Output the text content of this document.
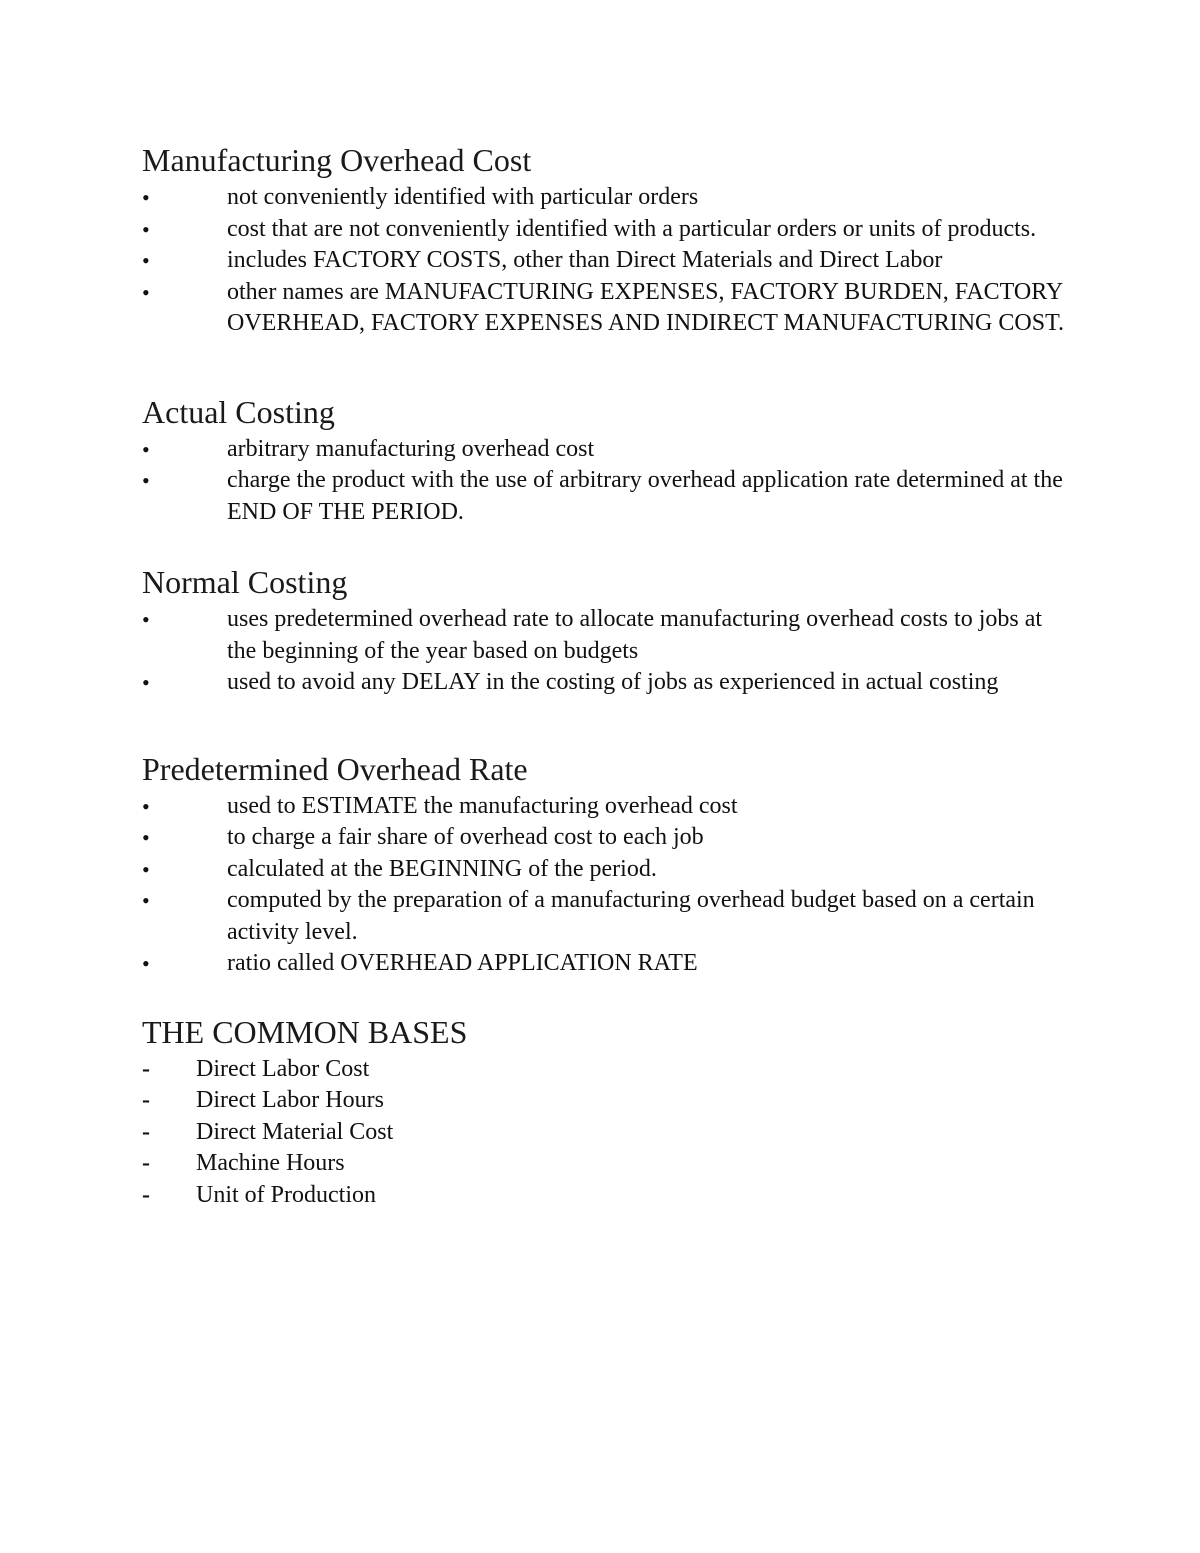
Manufacturing Overhead Cost
•	not conveniently identified with particular orders
•	cost that are not conveniently identified with a particular orders or units of products.
•	includes FACTORY COSTS, other than Direct Materials and Direct Labor
•	other names are MANUFACTURING EXPENSES, FACTORY BURDEN, FACTORY OVERHEAD, FACTORY EXPENSES AND INDIRECT MANUFACTURING COST.
Actual Costing
•	arbitrary manufacturing overhead cost
•	charge the product with the use of arbitrary overhead application rate determined at the END OF THE PERIOD.
Normal Costing
•	uses predetermined overhead rate to allocate manufacturing overhead costs to jobs at the beginning of the year based on budgets
•	used to avoid any DELAY in the costing of jobs as experienced in actual costing
Predetermined Overhead Rate
•	used to ESTIMATE the manufacturing overhead cost
•	to charge a fair share of overhead cost to each job
•	calculated at the BEGINNING of the period.
•	computed by the preparation of a manufacturing overhead budget based on a certain activity level.
•	ratio called OVERHEAD APPLICATION RATE
THE COMMON BASES
-	Direct Labor Cost
-	Direct Labor Hours
-	Direct Material Cost
-	Machine Hours
-	Unit of Production
